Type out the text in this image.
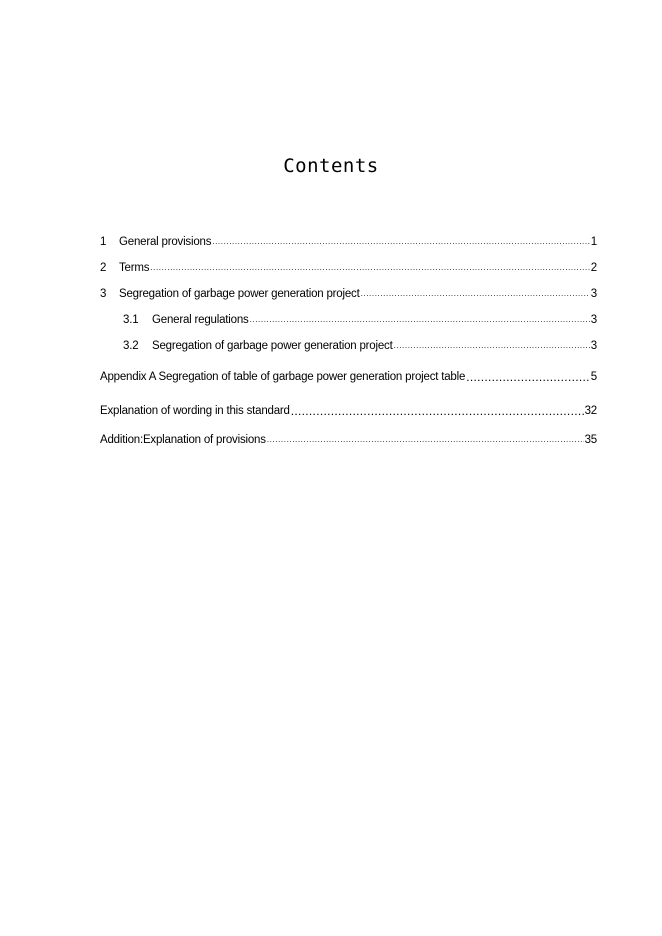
Contents
1	General provisions .....	1
2	Terms .....	2
3	Segregation of garbage power generation project .....	3
3.1	General regulations .....	3
3.2	Segregation of garbage power generation project .....	3
Appendix A Segregation of table of garbage power generation project table .....	5
Explanation of wording in this standard .....	32
Addition:Explanation of provisions .....	35
